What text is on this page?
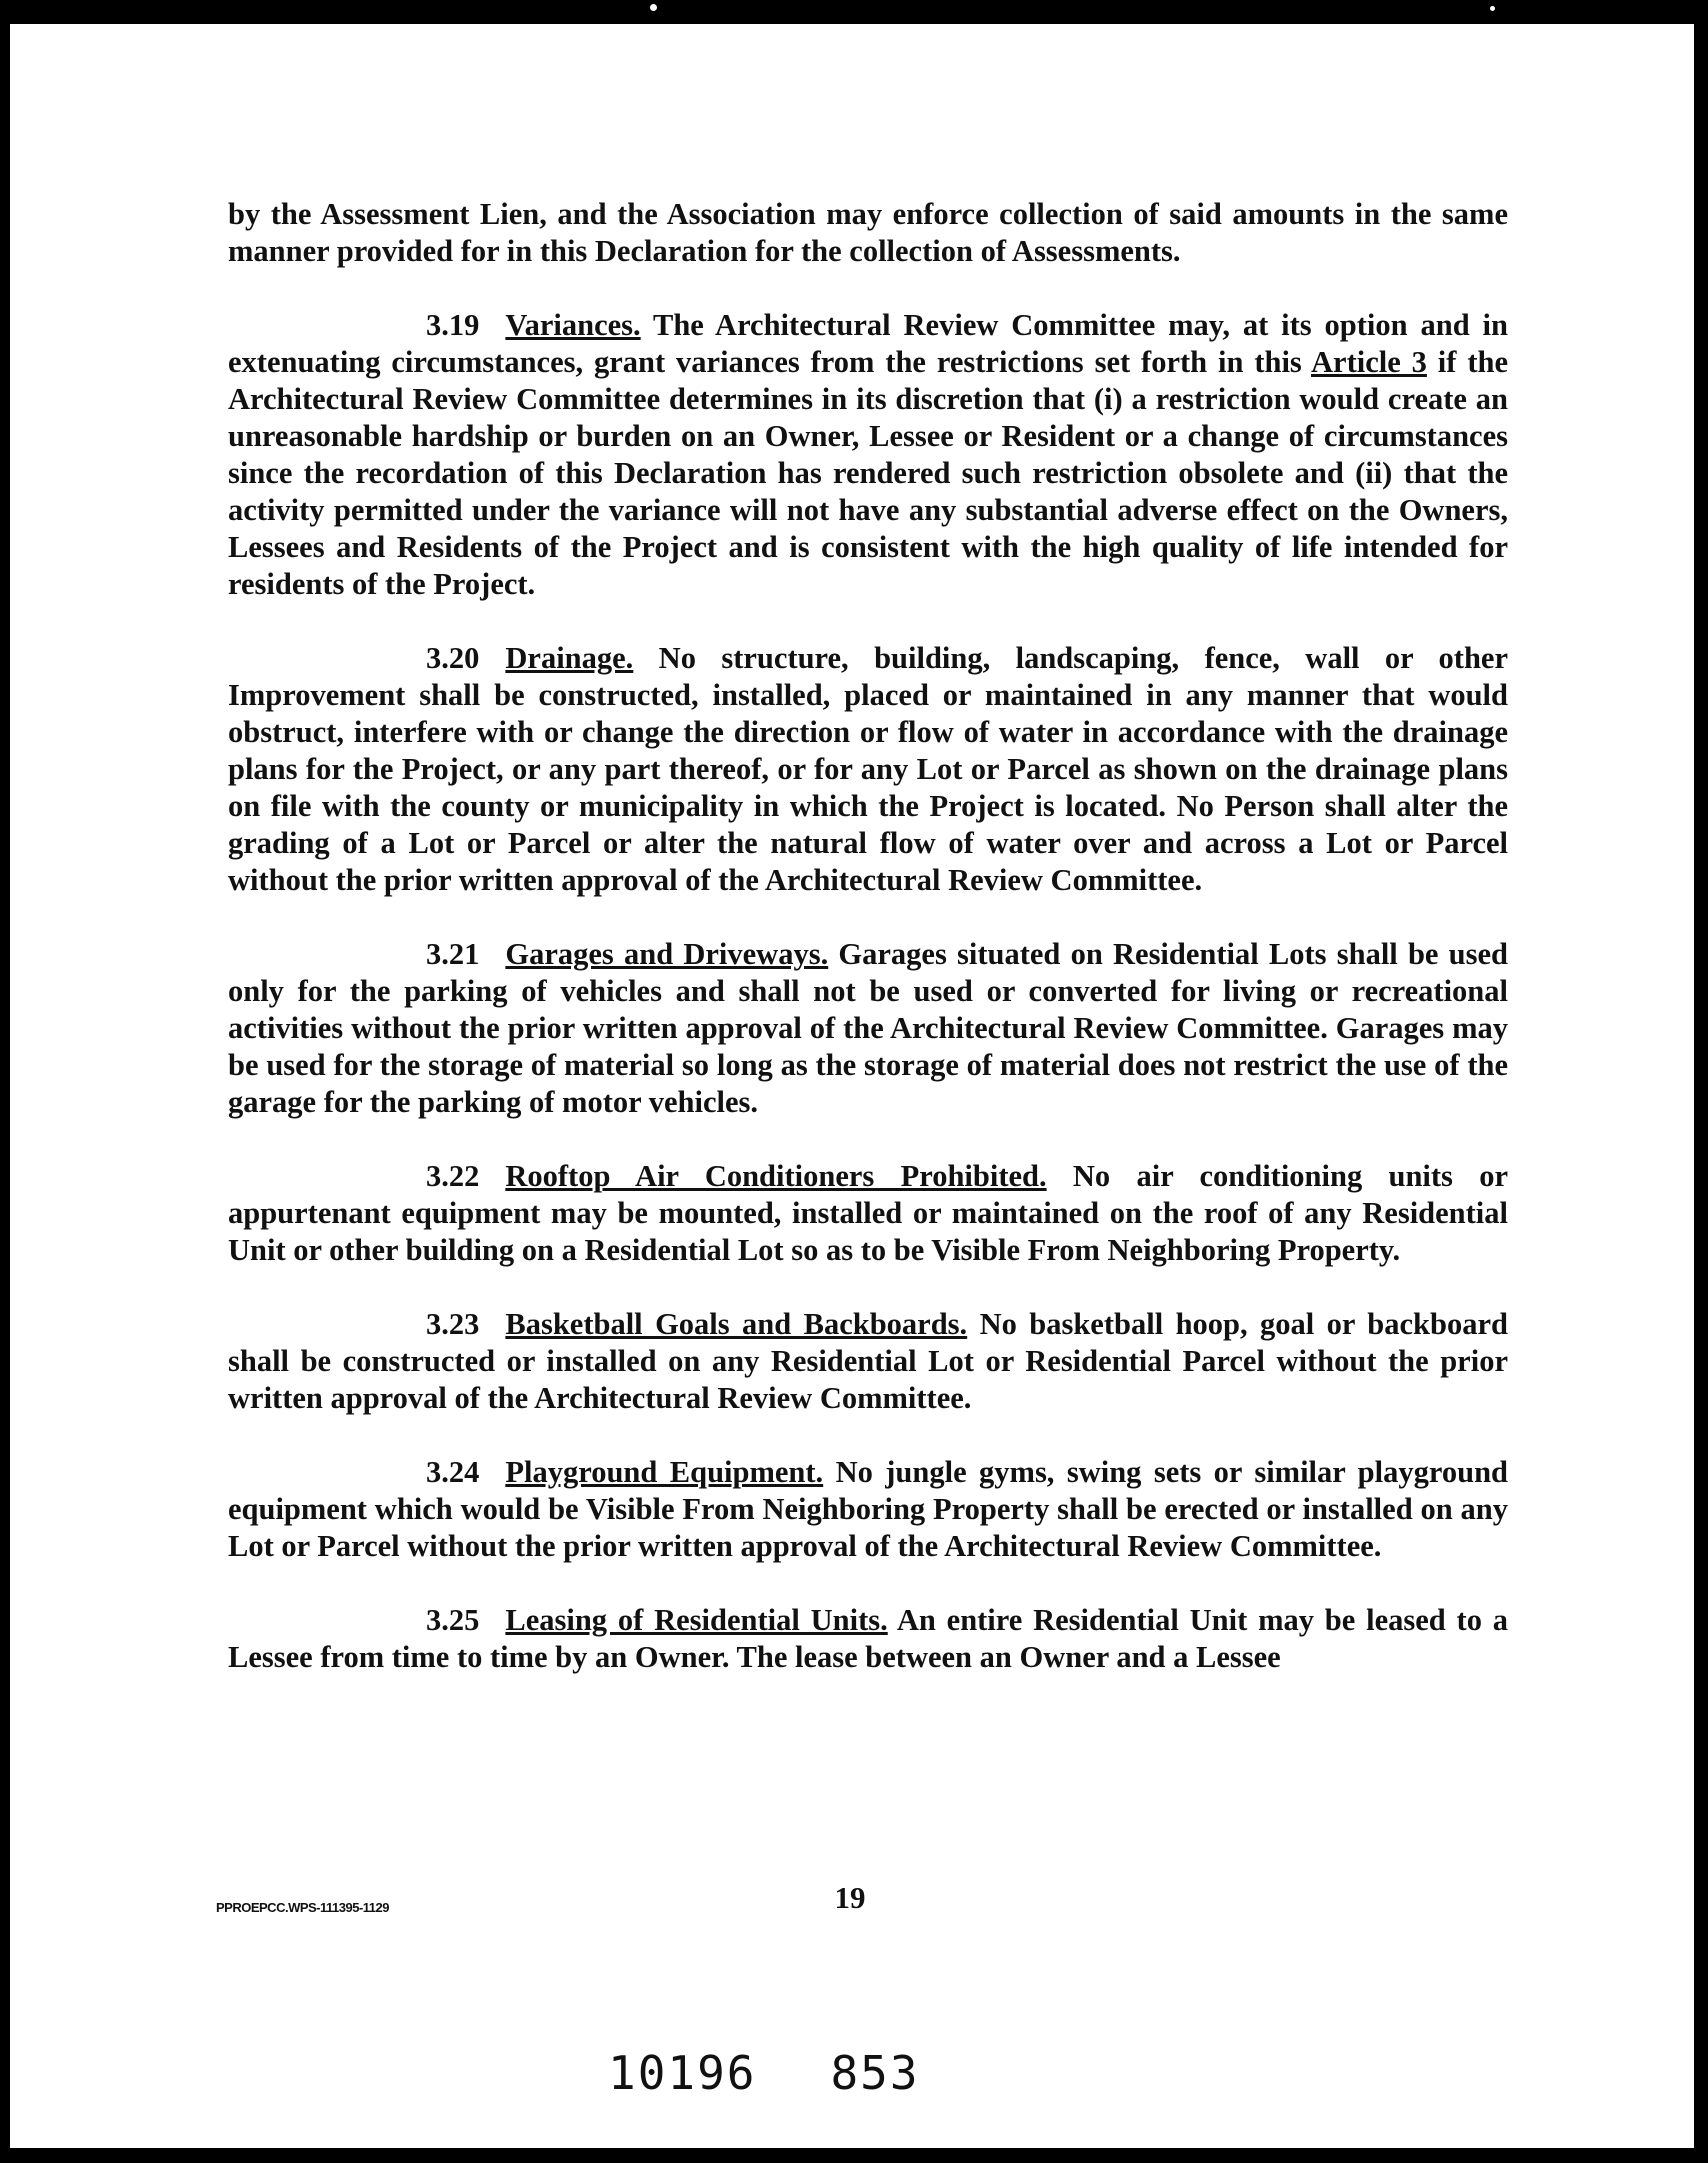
by the Assessment Lien, and the Association may enforce collection of said amounts in the same manner provided for in this Declaration for the collection of Assessments.

3.19 Variances. The Architectural Review Committee may, at its option and in extenuating circumstances, grant variances from the restrictions set forth in this Article 3 if the Architectural Review Committee determines in its discretion that (i) a restriction would create an unreasonable hardship or burden on an Owner, Lessee or Resident or a change of circumstances since the recordation of this Declaration has rendered such restriction obsolete and (ii) that the activity permitted under the variance will not have any substantial adverse effect on the Owners, Lessees and Residents of the Project and is consistent with the high quality of life intended for residents of the Project.

3.20 Drainage. No structure, building, landscaping, fence, wall or other Improvement shall be constructed, installed, placed or maintained in any manner that would obstruct, interfere with or change the direction or flow of water in accordance with the drainage plans for the Project, or any part thereof, or for any Lot or Parcel as shown on the drainage plans on file with the county or municipality in which the Project is located. No Person shall alter the grading of a Lot or Parcel or alter the natural flow of water over and across a Lot or Parcel without the prior written approval of the Architectural Review Committee.

3.21 Garages and Driveways. Garages situated on Residential Lots shall be used only for the parking of vehicles and shall not be used or converted for living or recreational activities without the prior written approval of the Architectural Review Committee. Garages may be used for the storage of material so long as the storage of material does not restrict the use of the garage for the parking of motor vehicles.

3.22 Rooftop Air Conditioners Prohibited. No air conditioning units or appurtenant equipment may be mounted, installed or maintained on the roof of any Residential Unit or other building on a Residential Lot so as to be Visible From Neighboring Property.

3.23 Basketball Goals and Backboards. No basketball hoop, goal or backboard shall be constructed or installed on any Residential Lot or Residential Parcel without the prior written approval of the Architectural Review Committee.

3.24 Playground Equipment. No jungle gyms, swing sets or similar playground equipment which would be Visible From Neighboring Property shall be erected or installed on any Lot or Parcel without the prior written approval of the Architectural Review Committee.

3.25 Leasing of Residential Units. An entire Residential Unit may be leased to a Lessee from time to time by an Owner. The lease between an Owner and a Lessee

PPROEPCC.WPS-111395-1129	19
10196 853
